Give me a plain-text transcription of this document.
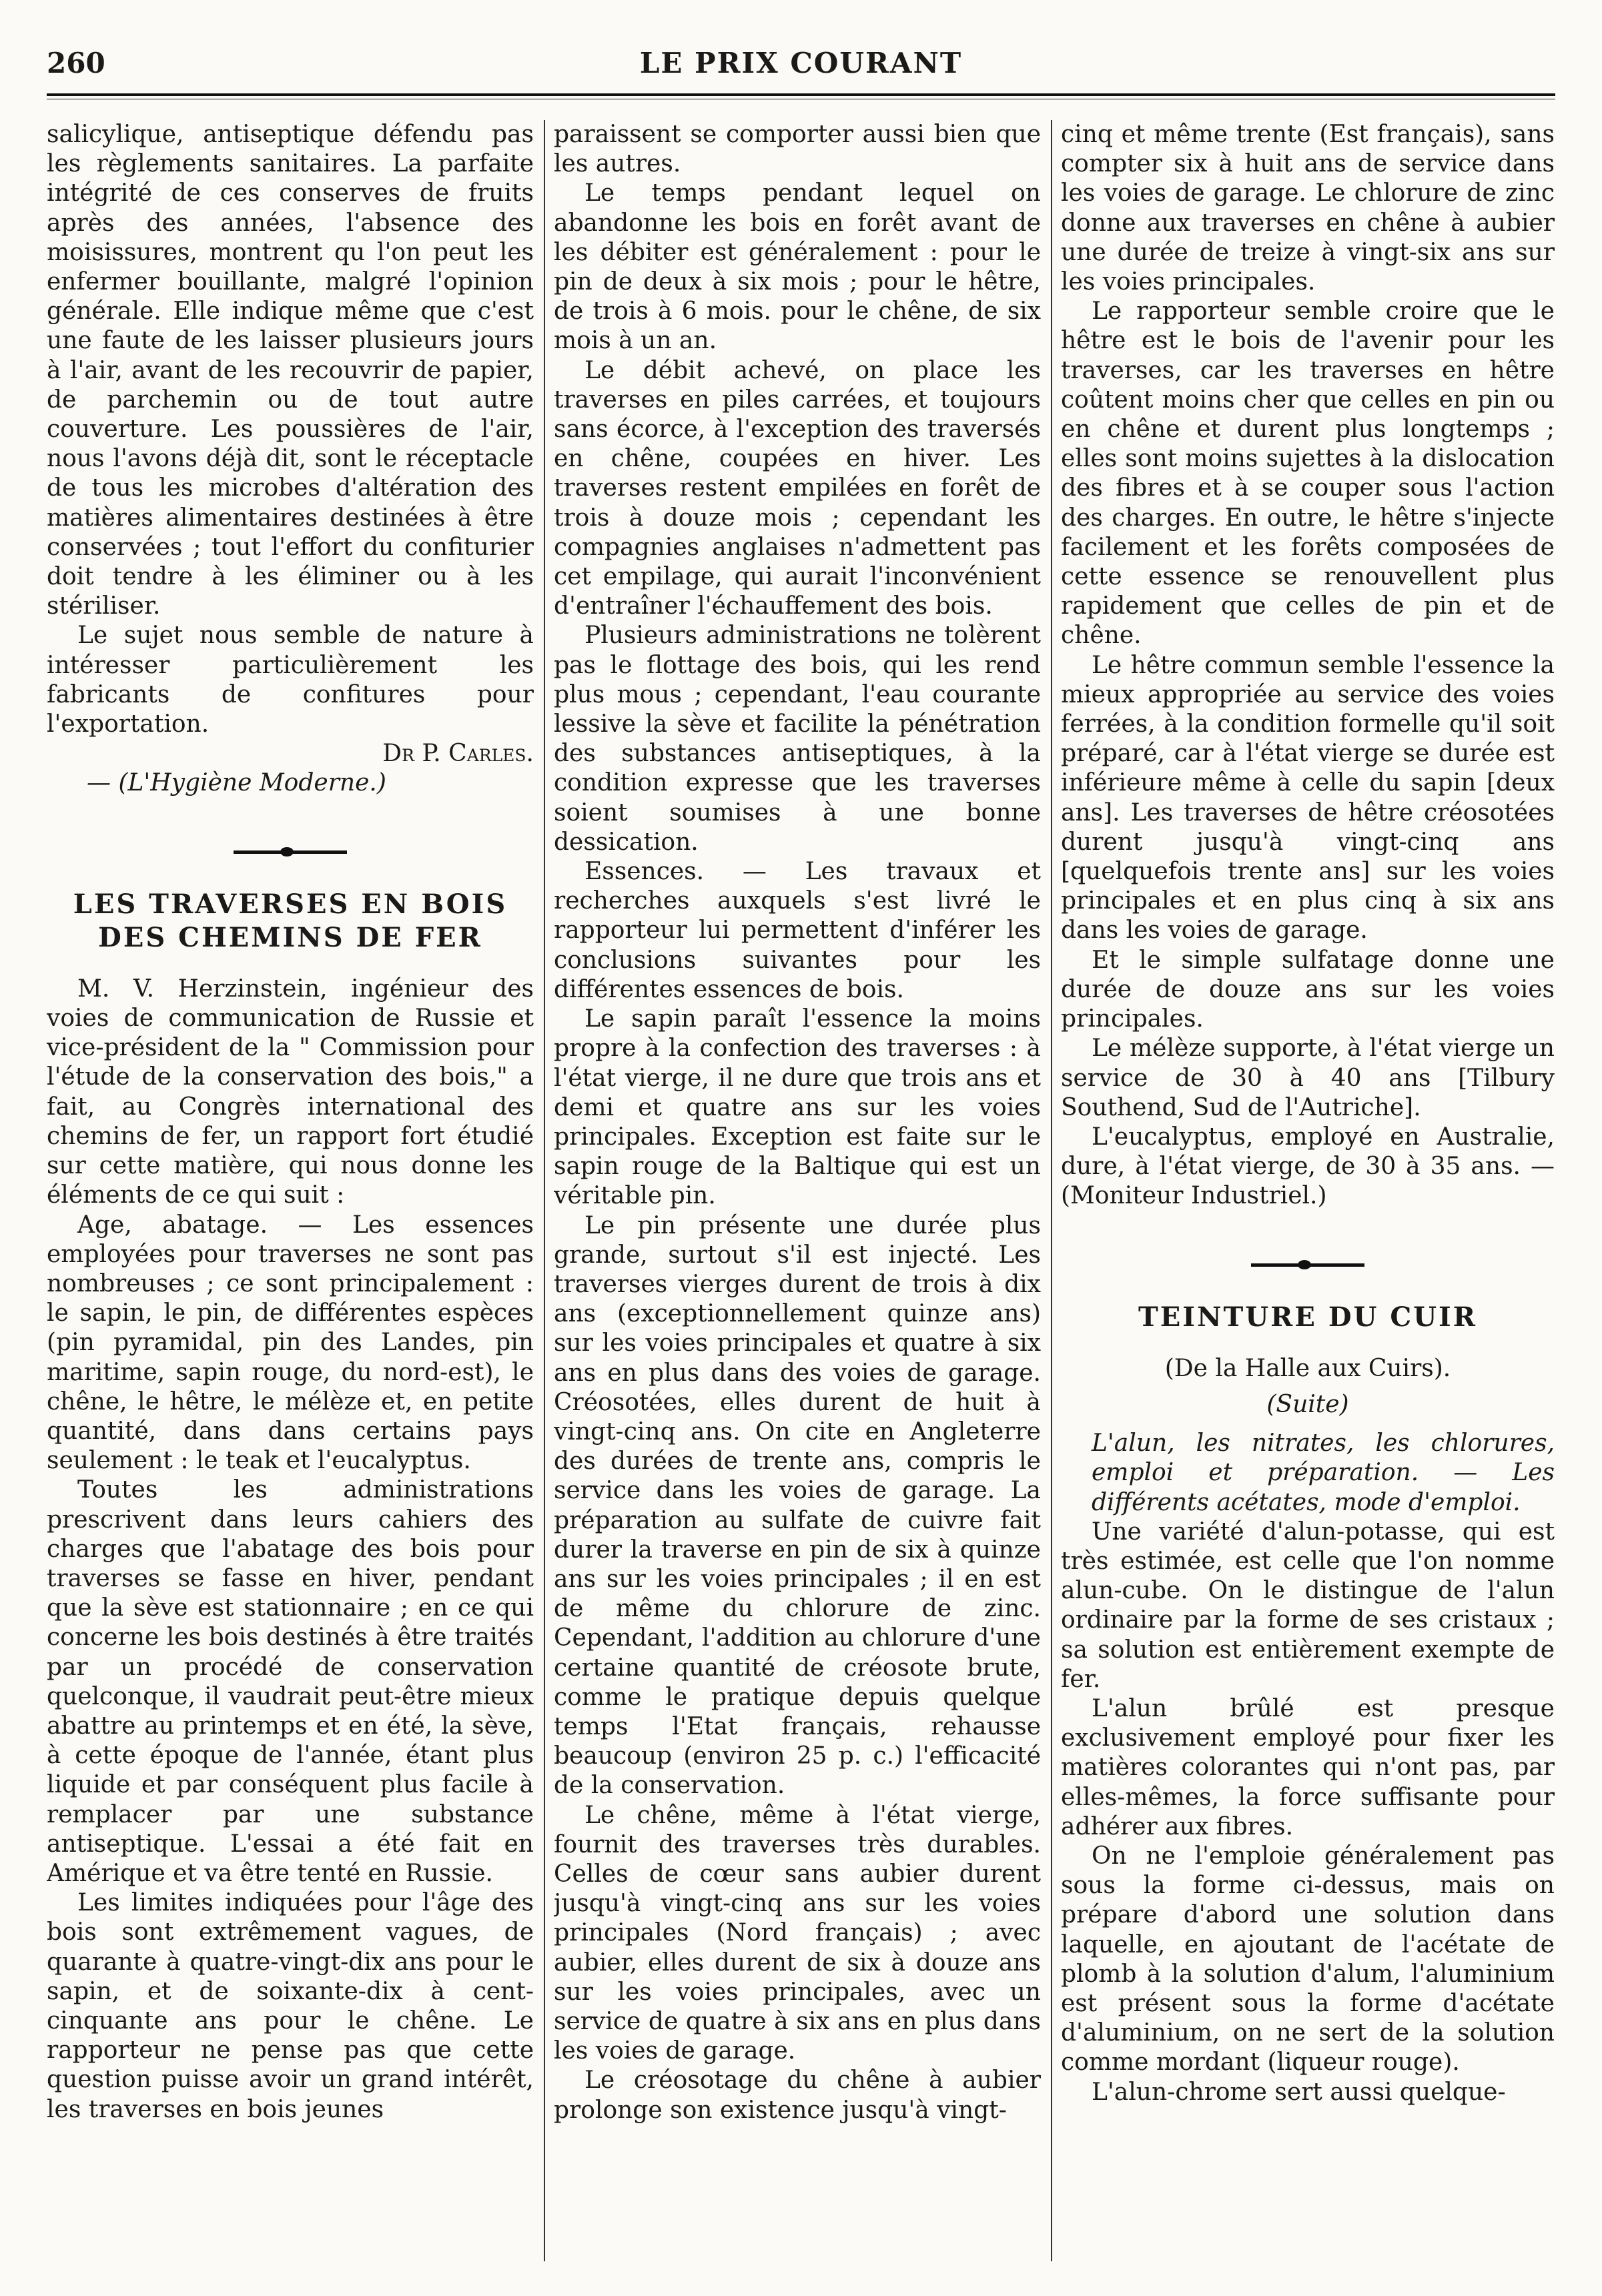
260	LE PRIX COURANT

salicylique, antiseptique défendu pas les règlements sanitaires. La parfaite intégrité de ces conserves de fruits après des années, l'absence des moisissures, montrent qu l'on peut les enfermer bouillante, malgré l'opinion générale. Elle indique même que c'est une faute de les laisser plusieurs jours à l'air, avant de les recouvrir de papier, de parchemin ou de tout autre couverture. Les poussières de l'air, nous l'avons déjà dit, sont le réceptacle de tous les microbes d'altération des matières alimentaires destinées à être conservées ; tout l'effort du confiturier doit tendre à les éliminer ou à les stériliser.

Le sujet nous semble de nature à intéresser particulièrement les fabricants de confitures pour l'exportation.

Dr P. Carles.

— (L'Hygiène Moderne.)

LES TRAVERSES EN BOIS DES CHEMINS DE FER

M. V. Herzinstein, ingénieur des voies de communication de Russie et vice-président de la " Commission pour l'étude de la conservation des bois," a fait, au Congrès international des chemins de fer, un rapport fort étudié sur cette matière, qui nous donne les éléments de ce qui suit :

Age, abatage. — Les essences employées pour traverses ne sont pas nombreuses ; ce sont principalement : le sapin, le pin, de différentes espèces (pin pyramidal, pin des Landes, pin maritime, sapin rouge, du nord-est), le chêne, le hêtre, le mélèze et, en petite quantité, dans dans certains pays seulement : le teak et l'eucalyptus.

Toutes les administrations prescrivent dans leurs cahiers des charges que l'abatage des bois pour traverses se fasse en hiver, pendant que la sève est stationnaire ; en ce qui concerne les bois destinés à être traités par un procédé de conservation quelconque, il vaudrait peut-être mieux abattre au printemps et en été, la sève, à cette époque de l'année, étant plus liquide et par conséquent plus facile à remplacer par une substance antiseptique. L'essai a été fait en Amérique et va être tenté en Russie.

Les limites indiquées pour l'âge des bois sont extrêmement vagues, de quarante à quatre-vingt-dix ans pour le sapin, et de soixante-dix à cent-cinquante ans pour le chêne. Le rapporteur ne pense pas que cette question puisse avoir un grand intérêt, les traverses en bois jeunes

paraissent se comporter aussi bien que les autres.

Le temps pendant lequel on abandonne les bois en forêt avant de les débiter est généralement : pour le pin de deux à six mois ; pour le hêtre, de trois à 6 mois. pour le chêne, de six mois à un an.

Le débit achevé, on place les traverses en piles carrées, et toujours sans écorce, à l'exception des traversés en chêne, coupées en hiver. Les traverses restent empilées en forêt de trois à douze mois ; cependant les compagnies anglaises n'admettent pas cet empilage, qui aurait l'inconvénient d'entraîner l'échauffement des bois.

Plusieurs administrations ne tolèrent pas le flottage des bois, qui les rend plus mous ; cependant, l'eau courante lessive la sève et facilite la pénétration des substances antiseptiques, à la condition expresse que les traverses soient soumises à une bonne dessication.

Essences. — Les travaux et recherches auxquels s'est livré le rapporteur lui permettent d'inférer les conclusions suivantes pour les différentes essences de bois.

Le sapin paraît l'essence la moins propre à la confection des traverses : à l'état vierge, il ne dure que trois ans et demi et quatre ans sur les voies principales. Exception est faite sur le sapin rouge de la Baltique qui est un véritable pin.

Le pin présente une durée plus grande, surtout s'il est injecté. Les traverses vierges durent de trois à dix ans (exceptionnellement quinze ans) sur les voies principales et quatre à six ans en plus dans des voies de garage. Créosotées, elles durent de huit à vingt-cinq ans. On cite en Angleterre des durées de trente ans, compris le service dans les voies de garage. La préparation au sulfate de cuivre fait durer la traverse en pin de six à quinze ans sur les voies principales ; il en est de même du chlorure de zinc. Cependant, l'addition au chlorure d'une certaine quantité de créosote brute, comme le pratique depuis quelque temps l'Etat français, rehausse beaucoup (environ 25 p. c.) l'efficacité de la conservation.

Le chêne, même à l'état vierge, fournit des traverses très durables. Celles de cœur sans aubier durent jusqu'à vingt-cinq ans sur les voies principales (Nord français) ; avec aubier, elles durent de six à douze ans sur les voies principales, avec un service de quatre à six ans en plus dans les voies de garage.

Le créosotage du chêne à aubier prolonge son existence jusqu'à vingt-

cinq et même trente (Est français), sans compter six à huit ans de service dans les voies de garage. Le chlorure de zinc donne aux traverses en chêne à aubier une durée de treize à vingt-six ans sur les voies principales.

Le rapporteur semble croire que le hêtre est le bois de l'avenir pour les traverses, car les traverses en hêtre coûtent moins cher que celles en pin ou en chêne et durent plus longtemps ; elles sont moins sujettes à la dislocation des fibres et à se couper sous l'action des charges. En outre, le hêtre s'injecte facilement et les forêts composées de cette essence se renouvellent plus rapidement que celles de pin et de chêne.

Le hêtre commun semble l'essence la mieux appropriée au service des voies ferrées, à la condition formelle qu'il soit préparé, car à l'état vierge se durée est inférieure même à celle du sapin [deux ans]. Les traverses de hêtre créosotées durent jusqu'à vingt-cinq ans [quelquefois trente ans] sur les voies principales et en plus cinq à six ans dans les voies de garage.

Et le simple sulfatage donne une durée de douze ans sur les voies principales.

Le mélèze supporte, à l'état vierge un service de 30 à 40 ans [Tilbury Southend, Sud de l'Autriche].

L'eucalyptus, employé en Australie, dure, à l'état vierge, de 30 à 35 ans. — (Moniteur Industriel.)

TEINTURE DU CUIR

(De la Halle aux Cuirs).

(Suite)

L'alun, les nitrates, les chlorures, emploi et préparation. — Les différents acétates, mode d'emploi.

Une variété d'alun-potasse, qui est très estimée, est celle que l'on nomme alun-cube. On le distingue de l'alun ordinaire par la forme de ses cristaux ; sa solution est entièrement exempte de fer.

L'alun brûlé est presque exclusivement employé pour fixer les matières colorantes qui n'ont pas, par elles-mêmes, la force suffisante pour adhérer aux fibres.

On ne l'emploie généralement pas sous la forme ci-dessus, mais on prépare d'abord une solution dans laquelle, en ajoutant de l'acétate de plomb à la solution d'alum, l'aluminium est présent sous la forme d'acétate d'aluminium, on ne sert de la solution comme mordant (liqueur rouge).

L'alun-chrome sert aussi quelque-
